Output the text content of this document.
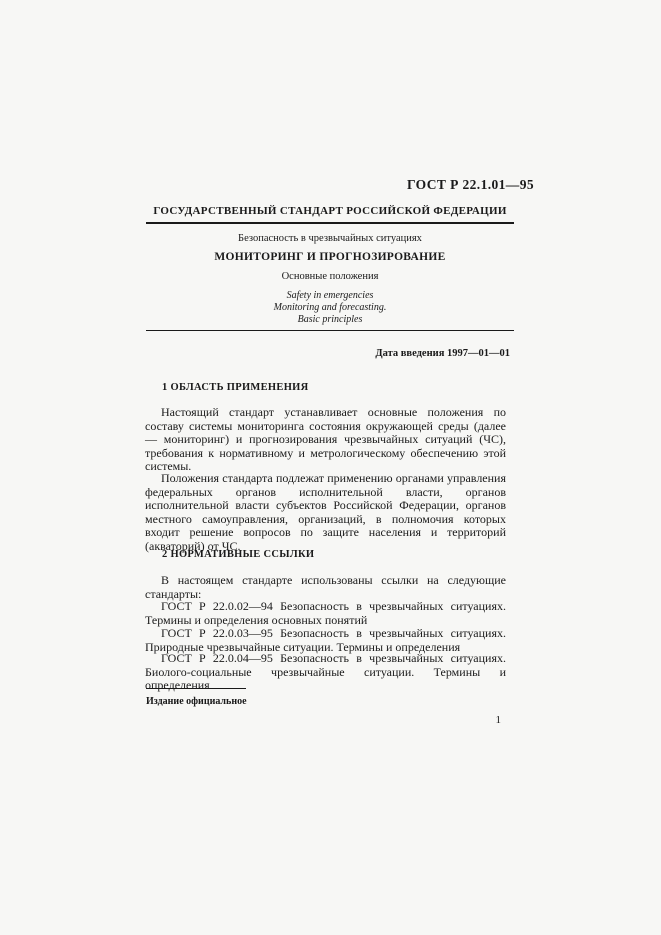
ГОСТ Р 22.1.01—95
ГОСУДАРСТВЕННЫЙ СТАНДАРТ РОССИЙСКОЙ ФЕДЕРАЦИИ
Безопасность в чрезвычайных ситуациях
МОНИТОРИНГ И ПРОГНОЗИРОВАНИЕ
Основные положения
Safety in emergencies
Monitoring and forecasting.
Basic principles
Дата введения 1997—01—01
1 ОБЛАСТЬ ПРИМЕНЕНИЯ
Настоящий стандарт устанавливает основные положения по составу системы мониторинга состояния окружающей среды (далее — мониторинг) и прогнозирования чрезвычайных ситуаций (ЧС), требования к нормативному и метрологическому обеспечению этой системы.
Положения стандарта подлежат применению органами управления федеральных органов исполнительной власти, органов исполнительной власти субъектов Российской Федерации, органов местного самоуправления, организаций, в полномочия которых входит решение вопросов по защите населения и территорий (акваторий) от ЧС.
2 НОРМАТИВНЫЕ ССЫЛКИ
В настоящем стандарте использованы ссылки на следующие стандарты:
ГОСТ Р 22.0.02—94 Безопасность в чрезвычайных ситуациях. Термины и определения основных понятий
ГОСТ Р 22.0.03—95 Безопасность в чрезвычайных ситуациях. Природные чрезвычайные ситуации. Термины и определения
ГОСТ Р 22.0.04—95 Безопасность в чрезвычайных ситуациях. Биолого-социальные чрезвычайные ситуации. Термины и определения
Издание официальное
1
